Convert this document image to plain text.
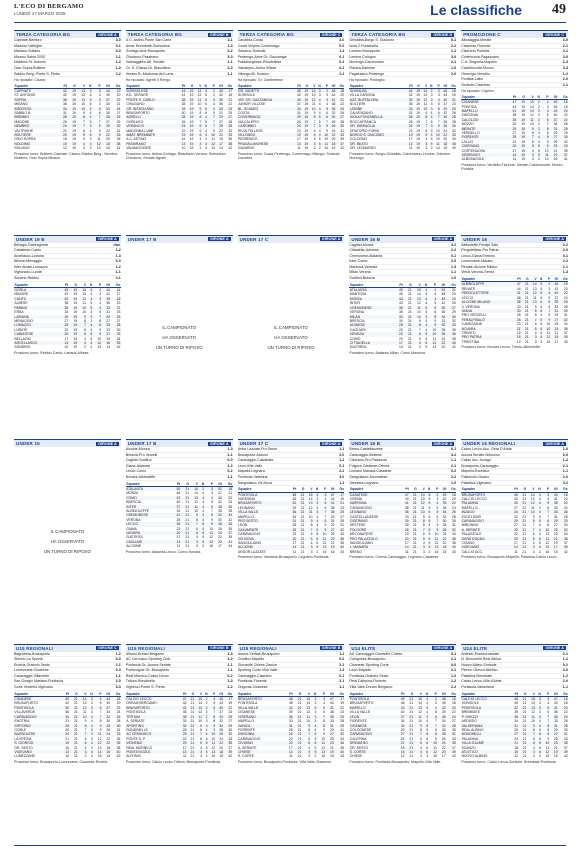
L'ECO DI BERGAMO
LUNEDÌ 17 MARZO 2025	Le classifiche 49
TERZA CATEGORIA BG	GIRONE A
Capriate-Nembro	3-0
Madone-Valtrighe	0-1
Mariano-Soliano	3-0
Misano-Sabia 2000	2-1
Noldimo-St. Antonio	1-2
Osio Sopra-Boltiere	1-0
Sabbio Berg.-Ponte S. Pietro	2-2
Ha riposato: Cisano
Squadre	Pt	G	V	N	P	Gf	Gs
CAPRIATE	42	19	13	3	3	44	19
ST. ANTONIO	40	19	12	4	3	40	20
SOPRA	38	19	11	5	3	37	22
MISANO	36	19	10	6	3	34	21
ARDOSSO	34	19	10	4	5	33	24
SABBIO B.	31	19	9	4	6	30	27
BREMBO	28	19	8	4	7	28	26
MADONE	26	19	7	5	7	27	29
NEMBRO	24	19	7	3	9	25	30
VALTRIGHE	22	19	6	4	9	24	31
BOLTIERE	20	19	5	5	9	22	33
OSIO SOPRA	18	19	5	3	11	20	35
NOLDIMO	15	19	4	3	12	18	38
SOLIANO	12	19	3	3	13	16	41
Prossimo turno: Boltiere-Capriate; Cisano-Sabbio Berg.; Nembro-Noldimo; Osio Sopra-Misano.
TERZA CATEGORIA BG	GIRONE B
A.C. Astino-Ponte San Carlo	2-1
Amat. Brembate-Sorisolese	1-3
Gorlago-Aviz Brusaporto	2-2
Chiuduno-Passirano	3-0
Valmaggiore-Atl. Seriate	1-1
Or. S. Chiuso-Gr. Bissoliano	2-0
Verano B.-Madonna del Lume	1-1
Ha riposato: Agrelli Il Rengo
Squadre	Pt	G	V	N	P	Gf	Gs
SORISOLESE	43	19	13	4	2	45	17
ATL. SERIATE	41	19	12	5	2	42	18
PONTE S. CARLO	38	19	11	5	3	39	21
CHIUDUNO	35	19	10	5	4	36	22
GR. BISSOLIANO	33	19	9	6	4	33	23
BRUSAPORTO	30	19	8	6	5	31	25
AGRELLI	28	19	8	4	7	29	27
GORLAGO	26	19	7	5	7	27	28
VERANO B.	24	19	6	6	7	25	28
MADONNA LUME	22	19	6	4	9	23	30
AMAT. BREMBATE	19	19	5	4	10	21	33
A.C. ASTINO	16	19	4	4	11	19	35
PASSIRANO	13	19	3	4	12	17	38
VALMAGGIORE	10	19	2	4	13	14	42
Prossimo turno: Astino-Gorlago; Bissoliano-Verano; Sorisolese-Chiuduno; Seriate-Agrelli.
TERZA CATEGORIA BG	GIRONE C
Carobbio-Costa	3-0
Costa Volpino-Covermago	0-0
Gavarno-Sorisole	1-4
Pedrengo-Alme Gr. Gazzaniga	0-1
Pradalunghese-Rivoltellese	0-2
Valcalepio-Junior Villese	0-2
Villongo-Bl. Scanzo	2-2
Ha riposato: Gr. Zambettese
Squadre	Pt	G	V	N	P	Gf	Gs
GR. ZANETTI	45	19	14	3	2	48	18
SORISOLE	42	19	13	3	3	44	20
VIR. GR. GAZZANIGA	40	19	12	4	3	41	21
JUNIOR VILLESE	37	19	11	4	4	38	22
BL. SCANZO	34	19	10	4	5	35	24
COSTA	31	19	9	4	6	32	26
COVERMAGO	29	19	8	5	6	30	27
VALCALEPIO	26	19	7	5	7	28	28
CAROBBIO	24	19	7	3	9	26	30
RIVOLTELLESE	22	19	6	4	9	24	31
VILLONGO	19	19	5	4	10	22	33
PEDRENGO	17	19	4	5	10	20	35
PRADALUNGHESE	14	19	3	5	11	18	37
GAVARNO	11	19	3	2	14	15	42
Prossimo turno: Costa-Pedrengo; Covermago-Villongo; Sorisole-Carobbio.
TERZA CATEGORIA BG	GIRONE D
Ghisalba-Borgo S. Giacomo	0-1
Isola 2-Fontanella	2-2
Lemine-Brusaporto	1-1
Lemine-Cologno	3-0
Morengo-Calvenzano	2-1
Ranica-Dalmine	1-0
Pagazzano-Pedrengo	2-0
Ha riposato: Pontoglio
Squadre	Pt	G	V	N	P	Gf	Gs
GHISALBA	44	19	14	2	3	46	18
VILLA CARCINA	42	19	13	3	3	43	19
AZZ. BUFFALORA	39	19	12	3	4	40	21
NOLTIERI	36	19	11	3	5	37	23
LEMINE	33	19	10	3	6	34	25
CALVENZANO	31	19	9	4	6	32	26
ISOLA FONTANELLA	28	19	8	4	7	30	28
ROCCAFRANCA	26	19	7	5	7	28	28
OR. MISSAGLIA	24	19	7	3	9	26	30
ORATORIO FURNI	21	19	6	3	10	24	32
BORGO S. GIACOMO	19	19	5	4	10	22	33
COLOGNO	17	19	4	5	10	20	34
OR. BEATO	14	19	3	5	11	18	36
OR. LEONARDO	11	19	3	2	14	15	40
Prossimo turno: Borgo-Ghisalba; Calvenzano-Lemine; Dalmine-Morengo.
PROMOZIONE C	GIRONE C
Albosaggia-Merate	2-0
Cisanese-Fiorente	2-1
Ciserano-Pontida	2-1
Cortenuova-Pagazzano	3-0
C.A. Zingonia-Mapello	1-4
Calolziocorte-Mozzo	3-3
Orsenigo-Verdello	1-2
Pontida-Lallio	2-0
Sorisole-Cisanese	2-1
Ha riposato: Caprino
Squadre	Pt	G	V	N	P	Gf	Gs
CISANESE	47	19	15	2	2	49	16
PONTIDA	44	19	14	2	3	46	18
MAPELLO	41	19	13	2	4	43	20
ZINGONIA	38	19	12	2	5	40	22
CALOLZIO	35	19	11	2	6	37	24
MOZZO	32	19	10	2	7	34	26
MERATE	29	19	9	2	8	31	28
VERDELLO	27	19	8	3	8	29	29
FIORENTE	25	19	7	4	8	27	30
LALLIO	22	19	6	4	9	25	32
CISERANO	20	19	5	5	9	23	33
CORTENUOVA	17	19	4	5	10	21	35
ORSENIGO	14	19	3	5	11	19	37
ALBOSAGGIA	11	19	3	2	14	16	41
Prossimo turno: Verdello-Fiorente; Merate-Calolziocorte; Mozzo-Pontida.
UNDER 19 B	GIRONE A
Bellagio-Gaviraghese	rinv.
Cabiatese-Cantù	2-2
Arcellasco-Lariana	1-3
Albese-Menaggio	0-0
Inter Alzate-Lomazzo	1-2
Vighizzolo-Lurate	1-1
Sondrio-Rebbio	4-1
Squadre	Pt	G	V	N	P	Gf	Gs
GORLA	45	19	14	3	2	44	14
MINORE	42	19	13	3	3	41	17
CANTÙ	40	19	12	4	3	39	18
ALBESE	38	19	11	5	3	36	19
REBBIO	35	19	10	5	4	33	21
ERBA	33	19	10	3	6	31	23
LARIANA	30	19	9	3	7	29	25
MENAGGIO	27	19	8	3	8	27	27
LOMAZZO	25	19	7	4	8	25	28
LURATE	22	19	6	4	9	23	30
CABIATESE	20	19	5	5	9	21	32
BELLAGIO	17	19	4	5	10	19	34
ARCELLASCO	13	19	3	4	12	16	39
SONDRIO	10	19	2	4	13	14	42
Prossimo turno: Rebbio-Cantù; Lariana-Albese.
UNDER 17 B	GIRONE A
IL CAMPIONATO
HA OSSERVATO
UN TURNO DI RIPOSO
UNDER 17 C	GIRONE A
IL CAMPIONATO
HA OSSERVATO
UN TURNO DI RIPOSO
UNDER 16 B	GIRONE A
Cagliari-Monza	3-2
Cittadella-Udinese	2-2
Cremonese-Atalanta	0-1
Inter-Como	2-0
Mantova-Venezia	1-3
Milan-Verona	1-1
Sudtirol-Brescia	1-0
Squadre	Pt	G	V	N	P	Gf	Gs
ATALANTA	49	21	15	4	2	53	21
MANTOVA	45	21	14	3	4	48	24
MONZA	43	21	13	4	4	45	23
INTER	40	21	12	4	5	42	26
CREMONESE	38	21	11	5	5	39	27
VERONA	35	21	10	5	6	36	29
MILAN	33	21	10	3	8	34	30
BRESCIA	30	21	9	3	9	32	32
UDINESE	28	21	8	4	9	30	33
CAGLIARI	25	21	7	4	10	28	35
VENEZIA	23	21	6	5	10	26	36
COMO	20	21	5	5	11	24	38
CITTADELLA	17	21	4	5	12	22	40
SUDTIROL	14	21	3	5	13	20	42
Prossimo turno: Atalanta-Milan; Como-Mantova.
UNDER 16	GIRONE A
Albinoleffe-Feralpi Salò	2-2
Pergolettese-Pro Patria	2-0
Lecco-Giana Erminio	0-1
Lumezzane-Novara	2-2
Renate-Alcione Milano	2-1
Virtus Verona-Trento	1-4
Squadre	Pt	G	V	N	P	Gf	Gs
ALBINOLEFFE	47	21	14	5	2	46	19
RENATE	44	21	13	5	3	43	20
PERGOLETTESE	41	21	12	5	4	40	22
LECCO	38	21	11	5	5	37	24
ALCIONE MILANO	36	21	10	6	5	35	25
V. VERONA	33	21	9	6	6	33	28
GIANA	30	21	8	6	7	31	30
PRO VERCELLI	28	21	8	4	9	29	31
FERALPISALÒ	26	21	7	5	9	27	32
LUMEZZANE	23	21	6	5	10	25	34
NOVARA	21	21	5	6	10	23	35
TRENTO	18	21	4	6	11	21	37
PRO PATRIA	15	21	3	6	12	19	39
TRIESTINA	12	21	3	3	15	17	43
Prossimo turno: Novara-Lecco; Trento-Albinoleffe.
UNDER 15	GIRONE A
IL CAMPIONATO
HA OSSERVATO
UN TURNO DI RIPOSO
UNDER 17 B	GIRONE A
Alcione-Monza	1-3
Brescia-Pro Vercelli	2-1
Cagliari-Sudtirol	0-0
Giana-Atalanta	1-2
Lecco-Como	0-2
Novara-Albinoleffe	1-1
Squadre	Pt	G	V	N	P	Gf	Gs
ATALANTA	50	21	16	2	3	52	18
MONZA	46	21	14	4	3	47	21
COMO	43	21	13	4	4	44	22
BRESCIA	40	21	12	4	5	41	24
INTER	37	21	11	4	6	38	26
ALBINOLEFFE	34	21	10	4	7	35	28
CREMONESE	31	21	9	4	8	32	30
VERONA	28	21	8	4	9	30	32
LECCO	26	21	7	5	9	28	33
GIANA	23	21	6	5	10	26	35
NOVARA	20	21	5	5	11	24	37
SUDTIROL	17	21	4	5	12	22	39
CAGLIARI	14	21	3	5	13	20	41
ALCIONE	11	21	3	2	16	17	44
Prossimo turno: Atalanta-Lecco; Como-Novara.
UNDER 17 C	GIRONE A
Ardor Lazzate-Pro Sesto	1-1
Brusaporto-Alcione	2-0
Caravaggio-Calvairate	1-2
Leon-Villa Valle	0-1
Mapello-Legnano	2-2
Pontisola-Varesina	3-0
Sangiuliano-Vis Nova	1-1
Squadre	Pt	G	V	N	P	Gf	Gs
PONTISOLA	48	21	15	3	3	47	17
VARESINA	45	21	14	3	4	44	19
BRUSAPORTO	42	21	13	3	5	41	21
LEGNANO	39	21	12	3	6	38	23
VILLA VALLE	36	21	11	3	7	35	25
MAPELLO	34	21	10	4	7	33	27
PRO SESTO	31	21	9	4	8	31	29
LEON	28	21	8	4	9	29	31
CALVAIRATE	26	21	7	5	9	27	32
CARAVAGGIO	23	21	6	5	10	25	34
VIS NOVA	20	21	5	5	11	23	36
SANGIULIANO	17	21	4	5	12	21	38
ALCIONE	14	21	3	5	13	19	40
ARDOR LAZZATE	11	21	3	2	16	16	43
Prossimo turno: Varesina-Brusaporto; Legnano-Pontisola.
UNDER 16 B	GIRONE A
Breno-Castellanzese	0-1
Caravaggio-Sestese	3-2
Ciserano-Pro Palazzolo	1-1
Folgore Caratese-Crema	2-1
Luciano Manara-Casatese	0-2
Sangiuliano-Arconatese	2-2
Varesina-Legnano	1-0
Squadre	Pt	G	V	N	P	Gf	Gs
CASATESE	47	21	14	5	2	45	18
CREMA	44	21	13	5	3	42	20
VARESINA	41	21	12	5	4	39	22
CARAVAGGIO	38	21	11	5	5	36	24
LEGNANO	36	21	10	6	5	34	25
CASTELLANZESE	33	21	9	6	6	32	28
CISERANO	30	21	8	6	7	30	30
SESTESE	28	21	8	4	9	28	31
FOLGORE	26	21	7	5	9	26	32
ARCONATESE	23	21	6	5	10	24	34
PRO PALAZZOLO	20	21	5	5	11	22	36
SANGIULIANO	17	21	4	5	12	20	38
L. MANARA	14	21	3	5	13	18	40
BRENO	11	21	3	2	16	15	43
Prossimo turno: Crema-Caravaggio; Legnano-Casatese.
UNDER 16 REGIONALI	GIRONE A
Calcio Lecco-Acc. Gera D'Adda	1-0
Aurora Seriate-Nibionno	0-0
Calcio Acc.-Inzago	1-2
Brusaporto-Caravaggio	2-1
Mapello-Excelsior	1-1
Palazzolo-Cisano	2-0
Paladina-Vigevano	3-2
Squadre	Pt	G	V	N	P	Gf	Gs
BRUSAPORTO	46	21	14	4	3	44	18
CALCIO LECCO	43	21	13	4	4	41	20
PALADINA	40	21	12	4	5	38	22
MAPELLO	37	21	11	4	6	35	24
INZAGO	34	21	10	4	7	33	26
EXCELSIOR	32	21	9	5	7	31	28
CARAVAGGIO	29	21	8	5	8	29	29
NIBIONNO	27	21	7	6	8	27	30
A. SERIATE	25	21	7	4	10	25	32
PALAZZOLO	22	21	6	4	11	23	34
GERA D'ADDA	20	21	5	5	11	21	35
CISANO	17	21	4	5	12	19	37
VIGEVANO	14	21	3	5	13	17	39
CALCIO ACC.	11	21	3	2	16	15	42
Prossimo turno: Brusaporto-Mapello; Paladina-Calcio Lecco.
U15 REGIONALI	GIRONE C
Bagnolese-Brusaporto	1-2
Sirtorio-La Spezia	0-0
Enotria-Oratorio Sesto	2-1
Lumezzane-Cisanese	0-3
Caravaggio-Villaverde	1-1
San Giorgio Mariano-Pontisola	2-0
Gorle Verdello-Vigevano	3-3
Squadre	Pt	G	V	N	P	Gf	Gs
CISANESE	45	21	14	3	4	43	18
BRUSAPORTO	42	21	13	3	5	40	20
PONTISOLA	39	21	12	3	6	37	22
VILLAVERDE	36	21	11	3	7	34	24
CARAVAGGIO	34	21	10	4	7	32	26
ENOTRIA	31	21	9	4	8	30	28
SIRTORIO	28	21	8	4	9	28	30
GORLE	26	21	7	5	9	26	31
BAGNOLESE	24	21	7	3	11	24	33
LA SPEZIA	21	21	6	3	12	22	35
S. GIORGIO	19	21	5	4	12	20	36
OR. SESTO	16	21	4	4	13	18	38
VIGEVANO	13	21	3	4	14	16	40
LUMEZZANE	10	21	2	4	15	14	43
Prossimo turno: Brusaporto-Lumezzane; Cisanese-Enotria.
U15 REGIONALI	GIRONE B
Alfonsi-Dream Bergamo	1-3
AC Cernusco-Sporting Club	2-0
Pontisola Gr.-Aurora Seriate	2-1
Pontevigole Gr.-Brusaporto	1-1
Real Mornico-Calcio Lecco	0-2
Tritium-Rondinelle	1-0
Vighenzi-Ponte S. Pietro	2-2
Squadre	Pt	G	V	N	P	Gf	Gs
CALCIO LECCO	47	21	15	2	4	46	17
DREAM BERGAMO	44	21	14	2	5	43	19
BRUSAPORTO	41	21	13	2	6	40	21
PONTISOLA	38	21	12	2	7	37	23
TRITIUM	35	21	11	2	8	34	25
A. SERIATE	33	21	10	3	8	32	27
SPORTING	30	21	9	3	9	30	29
RONDINELLE	28	21	8	4	9	28	30
AC CERNUSCO	25	21	7	4	10	26	32
PONTE S. P.	23	21	6	5	10	24	33
VIGHENZI	20	21	5	5	11	22	35
REAL MORNICO	17	21	4	5	12	20	37
PONTEVIGOLE	14	21	3	5	13	18	39
ALFONSI	11	21	3	2	16	15	42
Prossimo turno: Calcio Lecco-Tritium; Brusaporto-Pontisola.
U15 REGIONALI	GIRONE B
Aurora Seriate-Brusaporto	1-2
Cividino-Mapello	0-0
Giovanile Chiese-Zanica	2-2
Sporting Corte-Villa Valle	1-3
Caravaggio-Ciserano	0-1
Pontisola-Fiorente	2-1
Zingonia-Cisanese	1-1
Squadre	Pt	G	V	N	P	Gf	Gs
BRUSAPORTO	48	21	15	3	3	47	17
PONTISOLA	45	21	14	3	4	44	19
VILLA VALLE	42	21	13	3	5	41	21
CISANESE	39	21	12	3	6	38	23
CISERANO	36	21	11	3	7	35	25
MAPELLO	33	21	10	3	8	33	28
ZANICA	31	21	9	4	8	31	29
FIORENTE	28	21	8	4	9	29	31
ZINGONIA	26	21	7	5	9	27	32
CARAVAGGIO	23	21	6	5	10	25	34
CIVIDINO	20	21	5	5	11	23	36
A. SERIATE	17	21	4	5	12	21	38
CHIESE	14	21	3	5	13	19	40
S. CORTE	11	21	3	2	16	16	43
Prossimo turno: Brusaporto-Pontisola; Villa Valle-Cisanese.
U14 ELITE	GIRONE A
Atl. Caravaggio-Giovanile Chiese	3-1
Colognese-Brusaporto	2-1
Cisanese-Sporting Corte	0-0
Leon-Mapello	2-1
Pontisola-Oratorio Sesto	1-0
Real Calepina-Fiorente	1-2
Villa Valle-Dream Bergamo	2-2
Squadre	Pt	G	V	N	P	Gf	Gs
PONTISOLA	49	21	15	4	2	48	16
BRUSAPORTO	46	21	14	4	3	45	18
MAPELLO	43	21	13	4	4	42	20
VILLA VALLE	40	21	12	4	5	39	22
LEON	37	21	11	4	6	36	24
FIORENTE	34	21	10	4	7	34	27
CISANESE	32	21	9	5	7	32	28
COLOGNESE	29	21	8	5	8	30	30
CARAVAGGIO	27	21	7	6	8	28	31
CALEPINA	24	21	6	6	9	26	33
DREAM BG	21	21	5	6	10	24	35
OR. SESTO	18	21	4	6	11	22	37
S. CORTE	15	21	3	6	12	20	39
CHIESE	12	21	3	3	15	17	42
Prossimo turno: Pontisola-Brusaporto; Mapello-Villa Valle.
U14 ELITE	GIRONE A
Ardesio-Scanzorosciate	2-1
N. Bonomelli-Real Albino	1-1
Nuovo Albino-Sorisole	0-2
Pierino Ghezzi-Atletico	3-0
Paladina-Brembate	1-2
Calcio Lecco-Villa d'Almè	2-0
Pontisola-Valseriana	1-1
Squadre	Pt	G	V	N	P	Gf	Gs
CALCIO LECCO	48	21	15	3	3	47	16
SORISOLE	45	21	14	3	4	44	18
PONTISOLA	42	21	13	3	5	41	20
BREMBATE	39	21	12	3	6	38	22
P. GHEZZI	36	21	11	3	7	35	24
ARDESIO	34	21	10	4	7	33	26
VALSERIANA	31	21	9	4	8	31	28
REAL ALBINO	29	21	8	5	8	29	30
BONOMELLI	27	21	7	6	8	27	31
PALADINA	24	21	6	6	9	25	33
VILLA D'ALMÈ	21	21	5	6	10	23	35
SCANZO	18	21	4	6	11	21	37
ATLETICO	15	21	3	6	12	19	39
NUOVO ALBINO	12	21	3	3	15	16	42
Prossimo turno: Calcio Lecco-Sorisole; Brembate-Pontisola.
